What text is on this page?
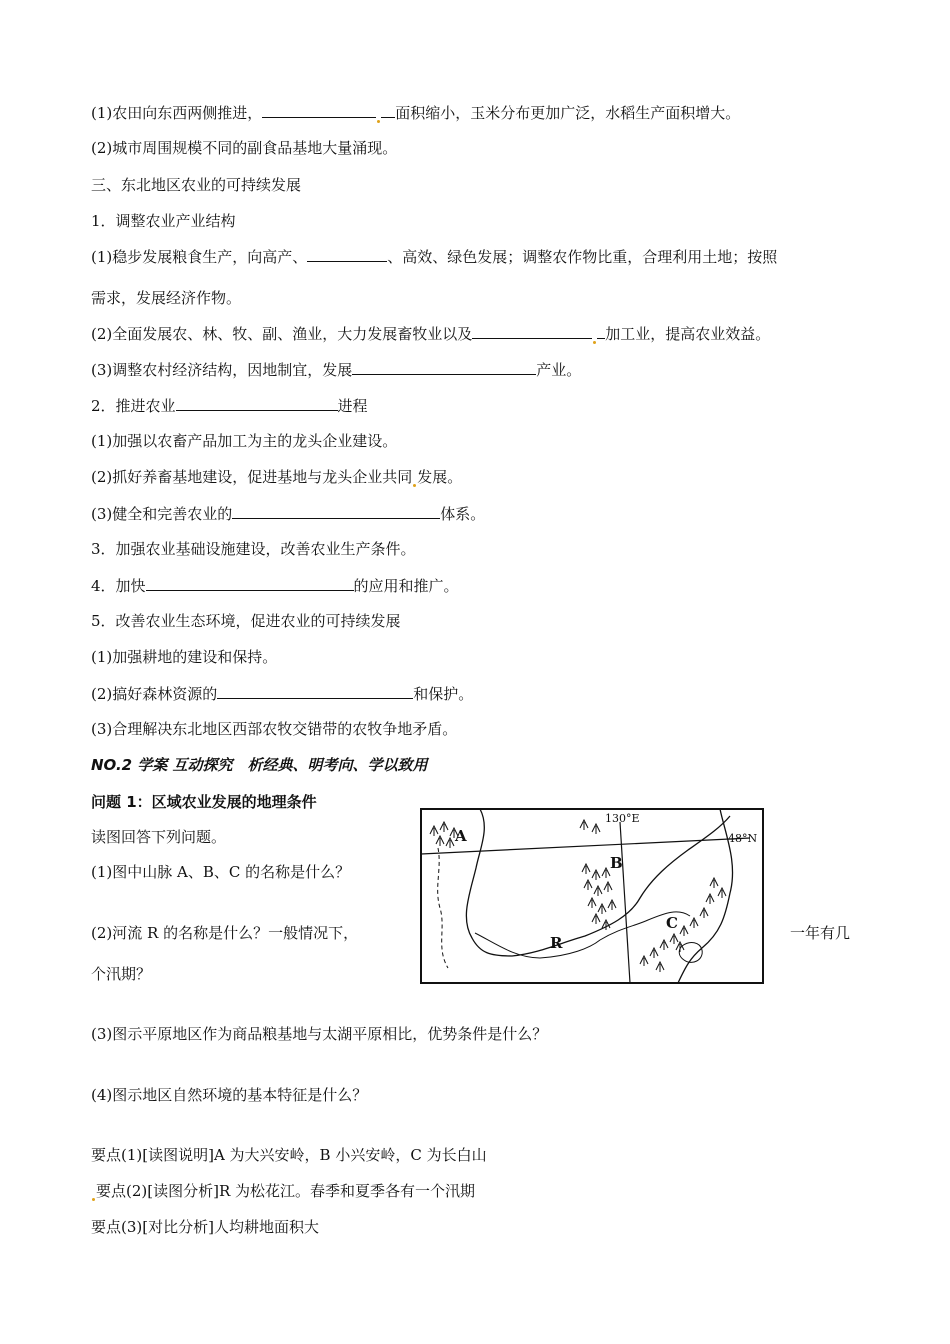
(1)农田向东西两侧推进，	面积缩小，玉米分布更加广泛，水稻生产面积增大。
(2)城市周围规模不同的副食品基地大量涌现。
三、东北地区农业的可持续发展
1．调整农业产业结构
(1)稳步发展粮食生产，向高产、	、高效、绿色发展；调整农作物比重，合理利用土地；按照
需求，发展经济作物。
(2)全面发展农、林、牧、副、渔业，大力发展畜牧业以及	加工业，提高农业效益。
(3)调整农村经济结构，因地制宜，发展	产业。
2．推进农业	进程
(1)加强以农畜产品加工为主的龙头企业建设。
(2)抓好养畜基地建设，促进基地与龙头企业共同 发展。
(3)健全和完善农业的	体系。
3．加强农业基础设施建设，改善农业生产条件。
4．加快	的应用和推广。
5．改善农业生态环境，促进农业的可持续发展
(1)加强耕地的建设和保持。
(2)搞好森林资源的	和保护。
(3)合理解决东北地区西部农牧交错带的农牧争地矛盾。
NO.2 学案 互动探究　析经典、明考向、学以致用
问题 1：区域农业发展的地理条件
读图回答下列问题。
(1)图中山脉 A、B、C 的名称是什么？
(2)河流 R 的名称是什么？一般情况下，	一年有几
个汛期？
(3)图示平原地区作为商品粮基地与太湖平原相比，优势条件是什么？
(4)图示地区自然环境的基本特征是什么？
要点(1)[读图说明]A 为大兴安岭，B 小兴安岭，C 为长白山
要点(2)[读图分析]R 为松花江。春季和夏季各有一个汛期
要点(3)[对比分析]人均耕地面积大
A
B
C
R
130°E
48°N
